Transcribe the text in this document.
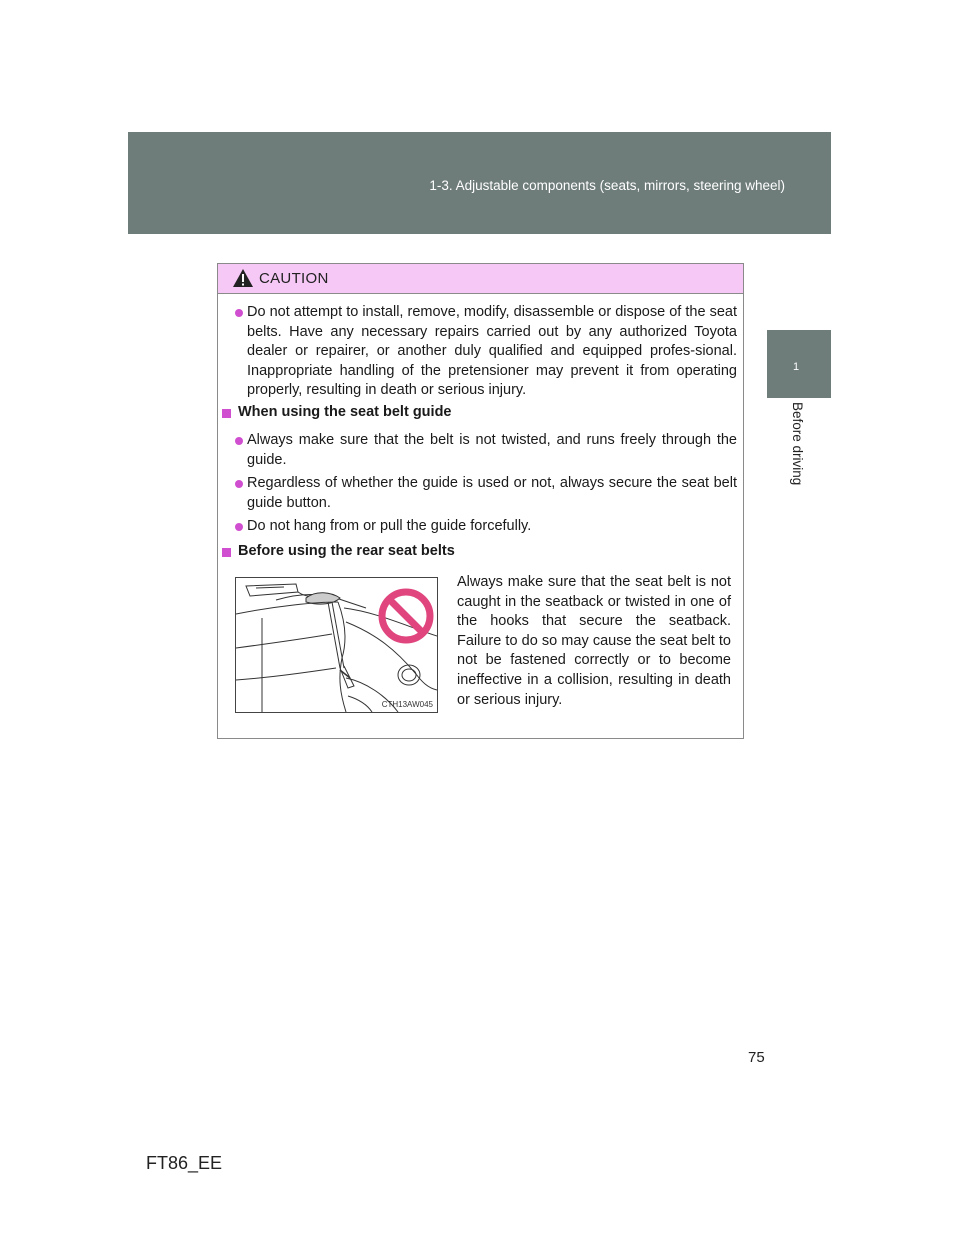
1-3. Adjustable components (seats, mirrors, steering wheel)
1
Before driving
CAUTION
Do not attempt to install, remove, modify, disassemble or dispose of the seat belts. Have any necessary repairs carried out by any authorized Toyota dealer or repairer, or another duly qualified and equipped profes-sional. Inappropriate handling of the pretensioner may prevent it from operating properly, resulting in death or serious injury.
When using the seat belt guide
Always make sure that the belt is not twisted, and runs freely through the guide.
Regardless of whether the guide is used or not, always secure the seat belt guide button.
Do not hang from or pull the guide forcefully.
Before using the rear seat belts
CTH13AW045
Always make sure that the seat belt is not caught in the seatback or twisted in one of the hooks that secure the seatback. Failure to do so may cause the seat belt to not be fastened correctly or to become ineffective in a collision, resulting in death or serious injury.
75
FT86_EE
